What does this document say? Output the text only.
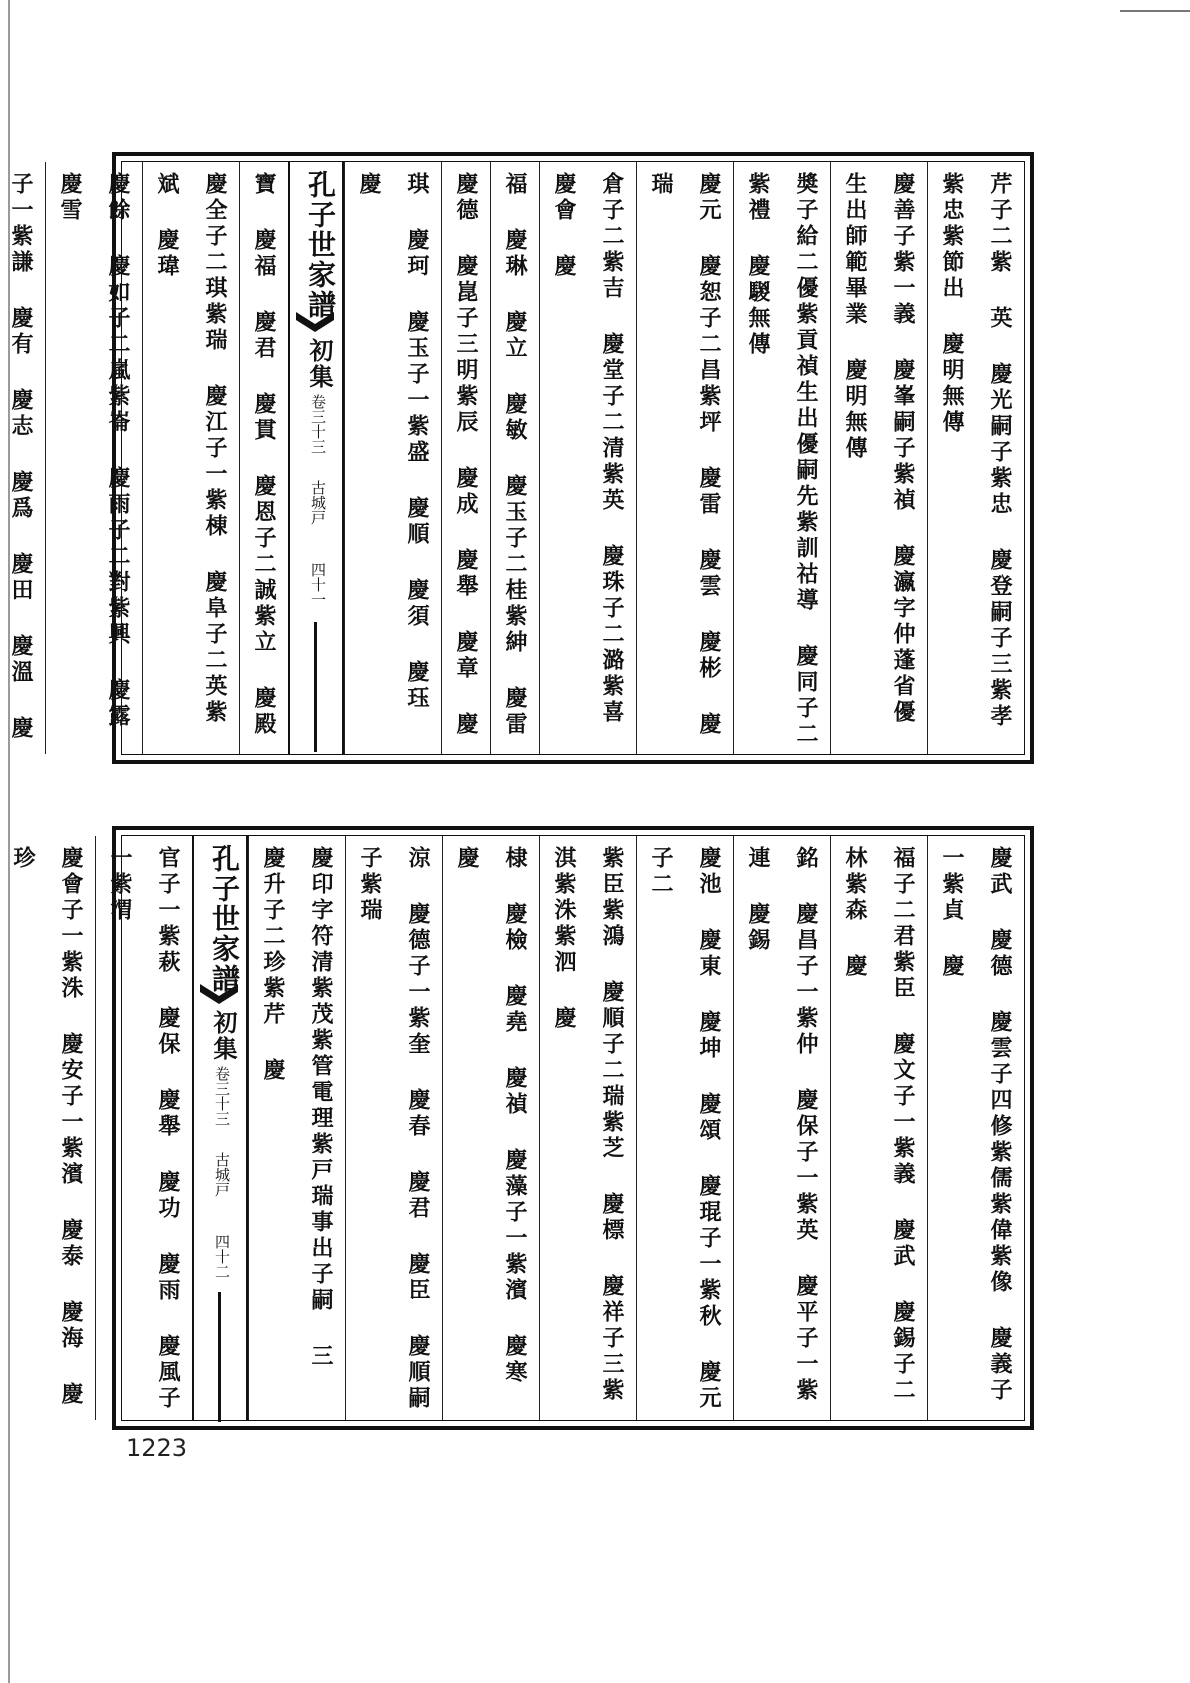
芹子二紫 英 慶光嗣子紫忠 慶登嗣子三紫孝紫忠紫節出 慶明無傳
慶善子紫一義 慶峯嗣子紫禎 慶瀛字仲蓬省優生出師範畢業 慶明無傳
奬子給二優紫貢禎生出優嗣先紫訓祜導 慶同子二紫禮 慶騣無傳
慶元 慶恕子二昌紫坪 慶雷 慶雲 慶彬 慶瑞
倉子二紫吉 慶堂子二清紫英 慶珠子二潞紫喜 慶會 慶
福 慶琳 慶立 慶敏 慶玉子二桂紫紳 慶雷
慶德 慶崑子三明紫辰 慶成 慶舉 慶章 慶
琪 慶珂 慶玉子一紫盛 慶順 慶須 慶珏 慶
孔子世家譜
初集
卷三十三
古城戸
四十一
寶 慶福 慶君 慶貫 慶恩子二誠紫立 慶殿
慶全子二琪紫瑞 慶江子一紫棟 慶阜子二英紫斌 慶瑋
慶餘 慶如子二嵐紫崙 慶雨子二對紫興 慶露 慶雪
子一紫謙 慶有 慶志 慶爲 慶田 慶溫 慶
慶武 慶德 慶雲子四修紫儒紫偉紫像 慶義子一紫貞 慶
福子二君紫臣 慶文子一紫義 慶武 慶錫子二林紫森 慶
銘 慶昌子一紫仲 慶保子一紫英 慶平子一紫連 慶錫
慶池 慶東 慶坤 慶頌 慶琨子一紫秋 慶元子二
紫臣紫鴻 慶順子二瑞紫芝 慶標 慶祥子三紫淇紫洙紫泗 慶
棣 慶檢 慶堯 慶禎 慶藻子一紫濱 慶寒 慶
涼 慶德子一紫奎 慶春 慶君 慶臣 慶順嗣子紫瑞
慶印字符清紫茂紫管電理紫戸瑞事出子嗣 三 慶升子二珍紫芹 慶
孔子世家譜
初集
卷三十三
古城戸
四十二
官子一紫萩 慶保 慶舉 慶功 慶雨 慶風子一紫渭
慶會子一紫洙 慶安子一紫濱 慶泰 慶海 慶珍
1223
